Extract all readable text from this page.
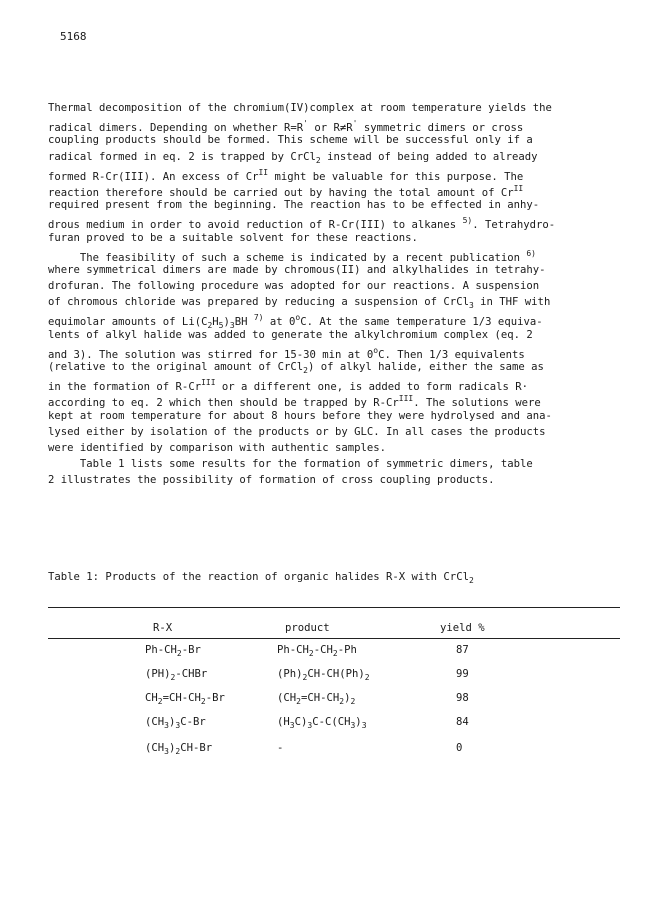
5168
Thermal decomposition of the chromium(IV)complex at room temperature yields the
radical dimers. Depending on whether R=R' or R≠R' symmetric dimers or cross
coupling products should be formed. This scheme will be successful only if a
radical formed in eq. 2 is trapped by CrCl$_2$ instead of being added to already
formed R-Cr(III). An excess of $Cr^{II}$ might be valuable for this purpose. The
reaction therefore should be carried out by having the total amount of $Cr^{II}$
required present from the beginning. The reaction has to be effected in anhy-
drous medium in order to avoid reduction of R-Cr(III) to alkanes $^{5)}$. Tetrahydro-
furan proved to be a suitable solvent for these reactions.
The feasibility of such a scheme is indicated by a recent publication $^{6)}$
where symmetrical dimers are made by chromous(II) and alkylhalides in tetrahy-
drofuran. The following procedure was adopted for our reactions. A suspension
of chromous chloride was prepared by reducing a suspension of CrCl$_3$ in THF with
equimolar amounts of $Li(C_2H_5)_3BH$ $^{7)}$ at 0$^o$C. At the same temperature 1/3 equiva-
lents of alkyl halide was added to generate the alkylchromium complex (eq. 2
and 3). The solution was stirred for 15-30 min at 0$^o$C. Then 1/3 equivalents
(relative to the original amount of CrCl$_2$) of alkyl halide, either the same as
in the formation of $R-Cr^{III}$ or a different one, is added to form radicals R·
according to eq. 2 which then should be trapped by $R-Cr^{III}$. The solutions were
kept at room temperature for about 8 hours before they were hydrolysed and ana-
lysed either by isolation of the products or by GLC. In all cases the products
were identified by comparison with authentic samples.
Table 1 lists some results for the formation of symmetric dimers, table
2 illustrates the possibility of formation of cross coupling products.
Table 1: Products of the reaction of organic halides R-X with CrCl$_2$
R-X	product	yield %
$Ph-CH_2-Br$	$Ph-CH_2-CH_2-Ph$	87
$(PH)_2$-CHBr	$(Ph)_2CH-CH(Ph)_2$	99
$CH_2=CH-CH_2-Br$	$(CH_2=CH-CH_2)_2$	98
$(CH_3)_3C-Br$	$(H_3C)_3C-C(CH_3)_3$	84
$(CH_3)_2CH-Br$	-	0
